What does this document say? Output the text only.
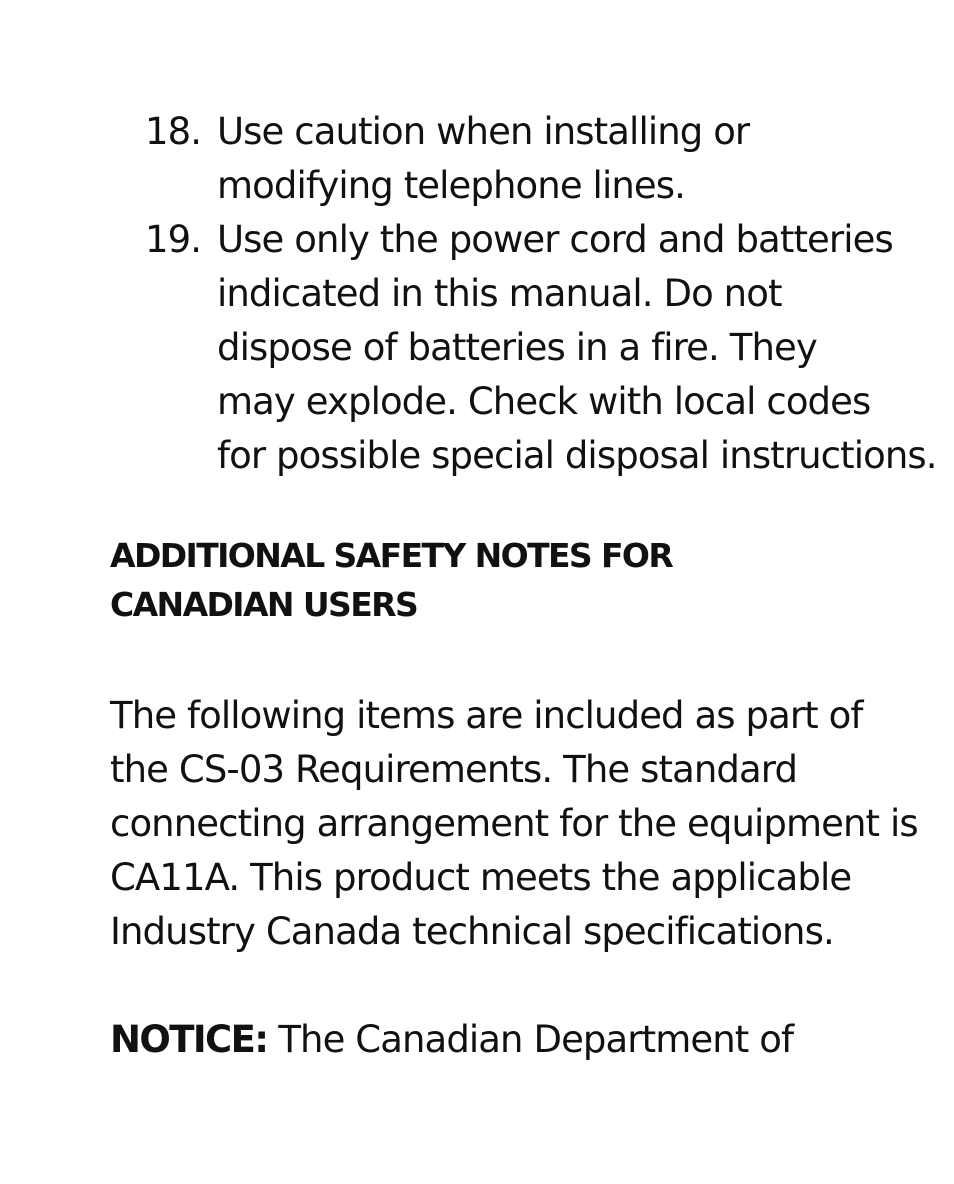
18. Use caution when installing or
modifying telephone lines.
19. Use only the power cord and batteries
indicated in this manual. Do not
dispose of batteries in a fire. They
may explode. Check with local codes
for possible special disposal instructions.
ADDITIONAL SAFETY NOTES FOR
CANADIAN USERS
The following items are included as part of
the CS-03 Requirements. The standard
connecting arrangement for the equipment is
CA11A. This product meets the applicable
Industry Canada technical specifications.
NOTICE: The Canadian Department of
